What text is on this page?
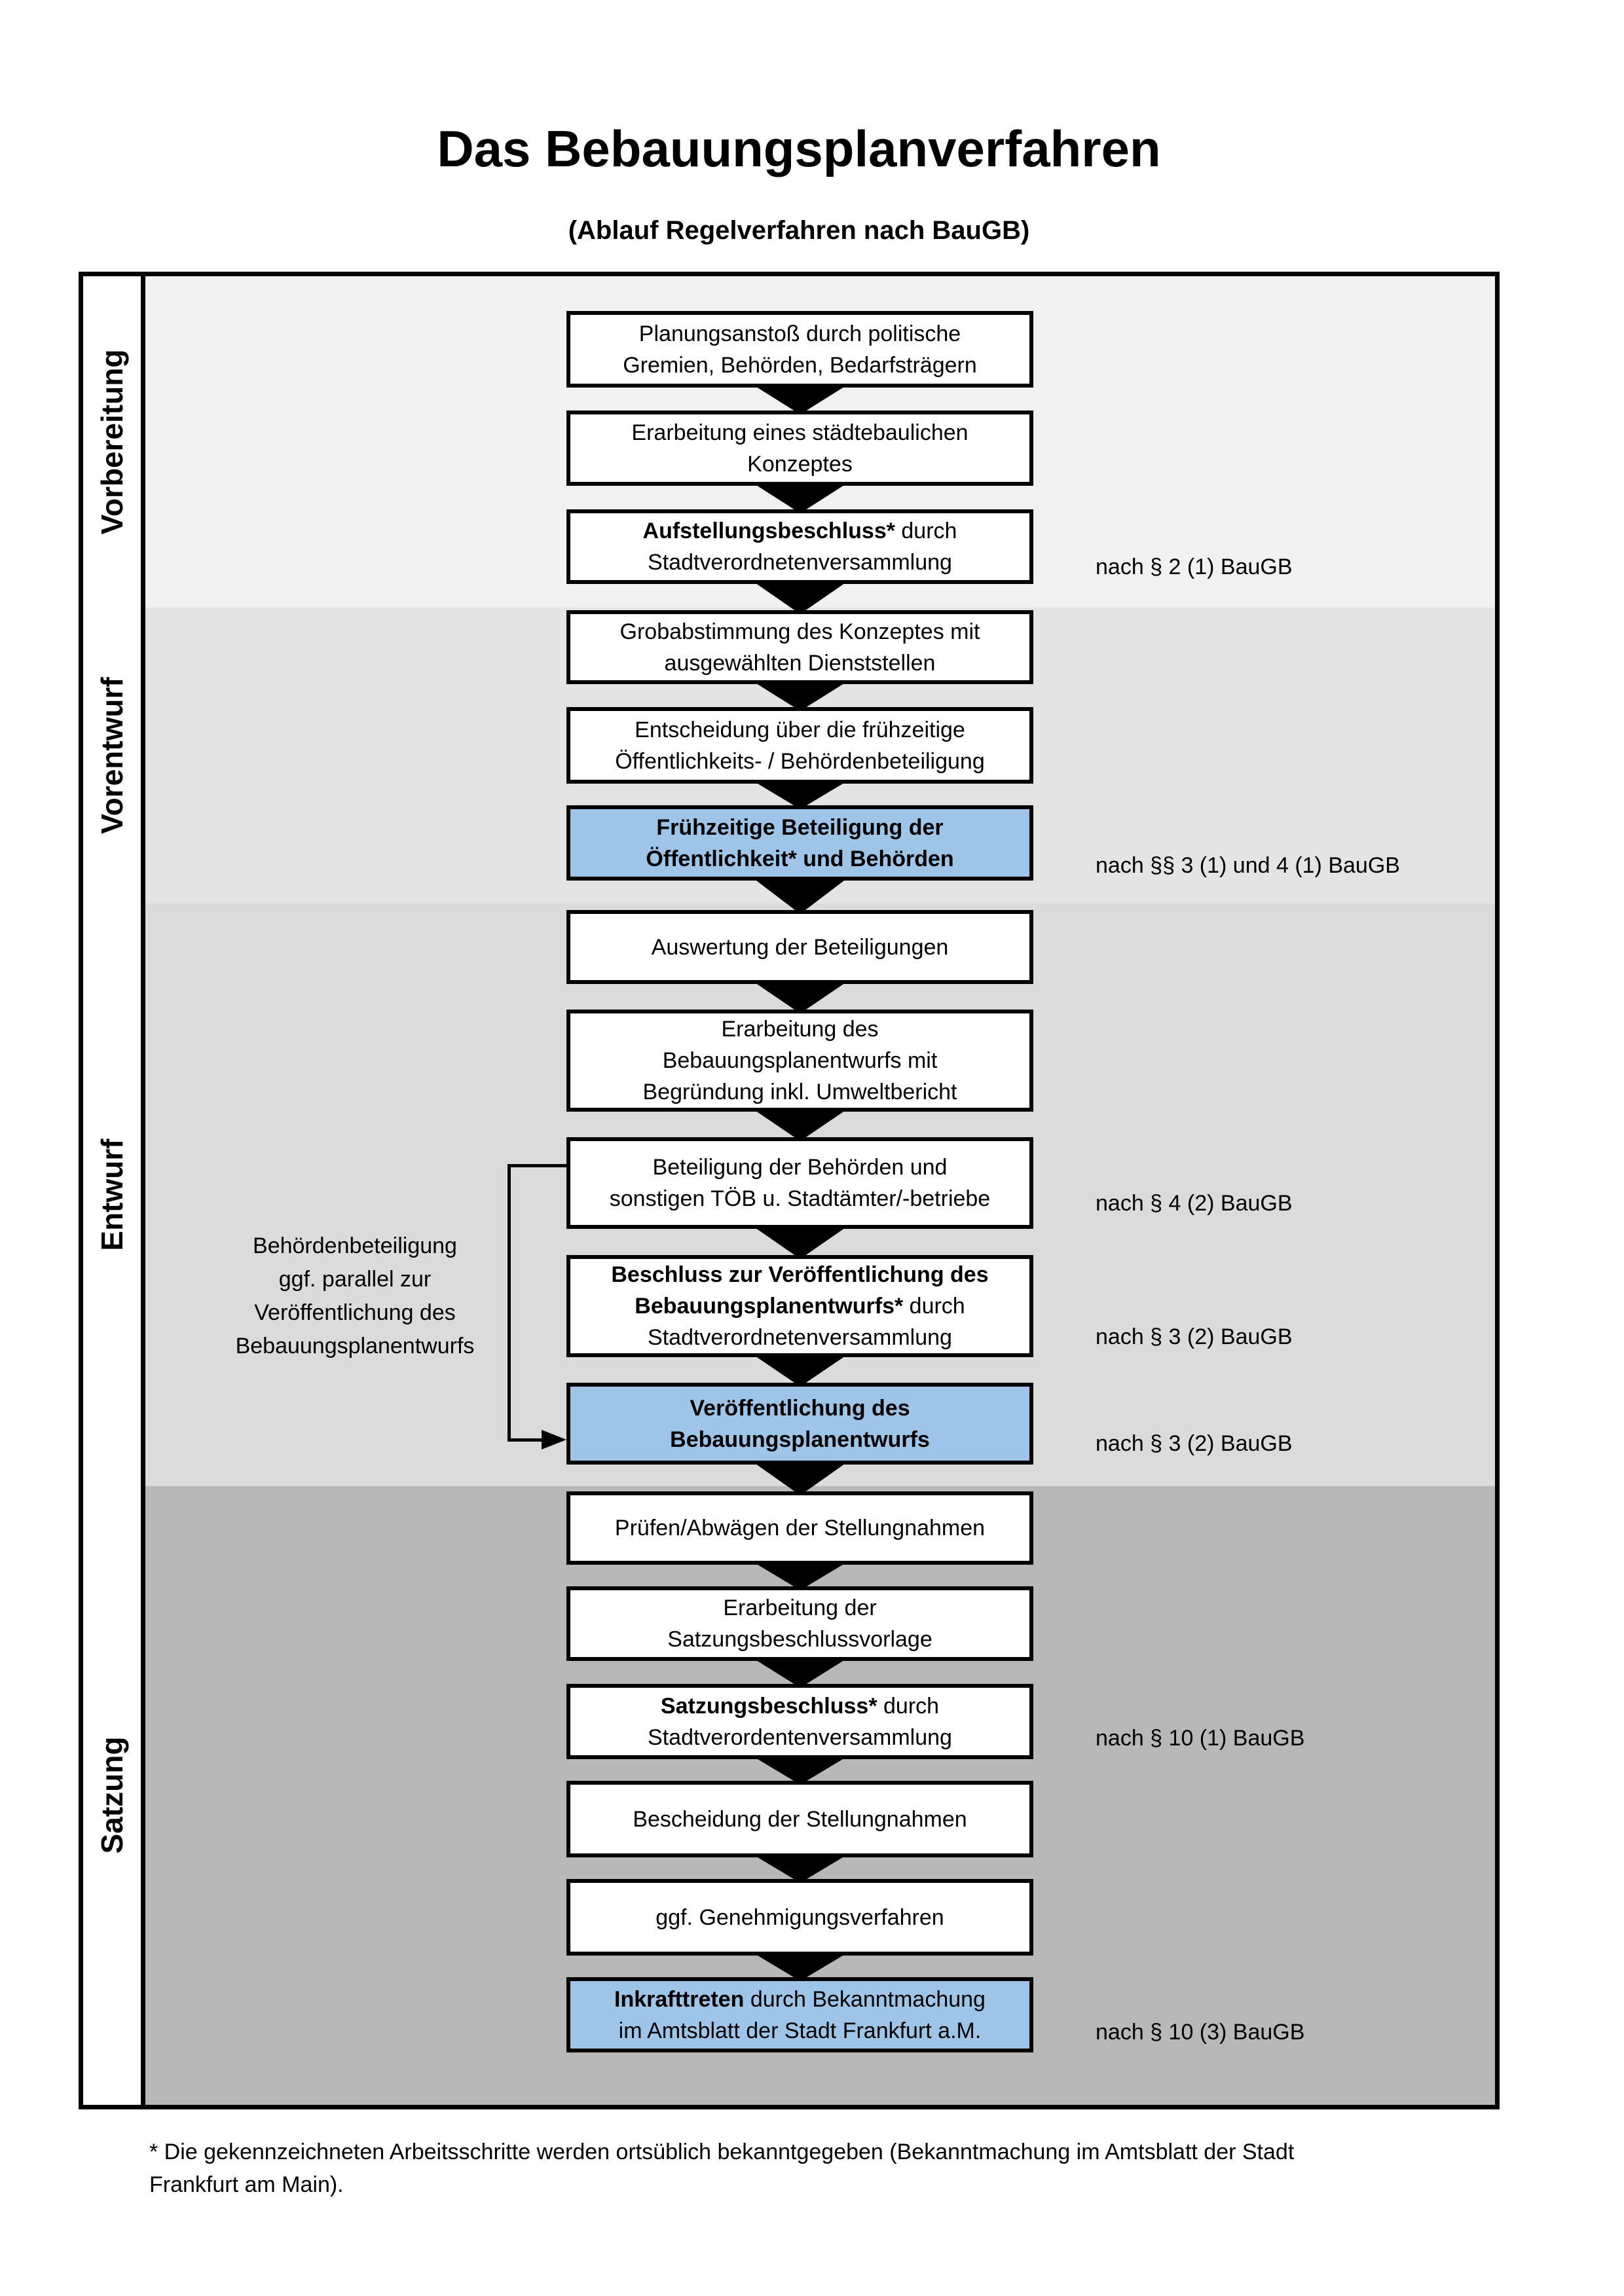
Das Bebauungsplanverfahren
(Ablauf Regelverfahren nach BauGB)
Vorbereitung
Vorentwurf
Entwurf
Satzung
Behördenbeteiligung
ggf. parallel zur
Veröffentlichung des
Bebauungsplanentwurfs
Planungsanstoß durch politische
Gremien, Behörden, Bedarfsträgern
Erarbeitung eines städtebaulichen
Konzeptes
Aufstellungsbeschluss* durch
Stadtverordnetenversammlung	nach § 2 (1) BauGB
Grobabstimmung des Konzeptes mit
ausgewählten Dienststellen
Entscheidung über die frühzeitige
Öffentlichkeits- / Behördenbeteiligung
Frühzeitige Beteiligung der
Öffentlichkeit* und Behörden	nach §§ 3 (1) und 4 (1) BauGB
Auswertung der Beteiligungen
Erarbeitung des
Bebauungsplanentwurfs mit
Begründung inkl. Umweltbericht
Beteiligung der Behörden und
sonstigen TÖB u. Stadtämter/-betriebe	nach § 4 (2) BauGB
Beschluss zur Veröffentlichung des
Bebauungsplanentwurfs* durch
Stadtverordnetenversammlung	nach § 3 (2) BauGB
Veröffentlichung des
Bebauungsplanentwurfs	nach § 3 (2) BauGB
Prüfen/Abwägen der Stellungnahmen
Erarbeitung der
Satzungsbeschlussvorlage
Satzungsbeschluss* durch
Stadtverordentenversammlung	nach § 10 (1) BauGB
Bescheidung der Stellungnahmen
ggf. Genehmigungsverfahren
Inkrafttreten durch Bekanntmachung
im Amtsblatt der Stadt Frankfurt a.M.	nach § 10 (3) BauGB
* Die gekennzeichneten Arbeitsschritte werden ortsüblich bekanntgegeben (Bekanntmachung im Amtsblatt der Stadt
Frankfurt am Main).
